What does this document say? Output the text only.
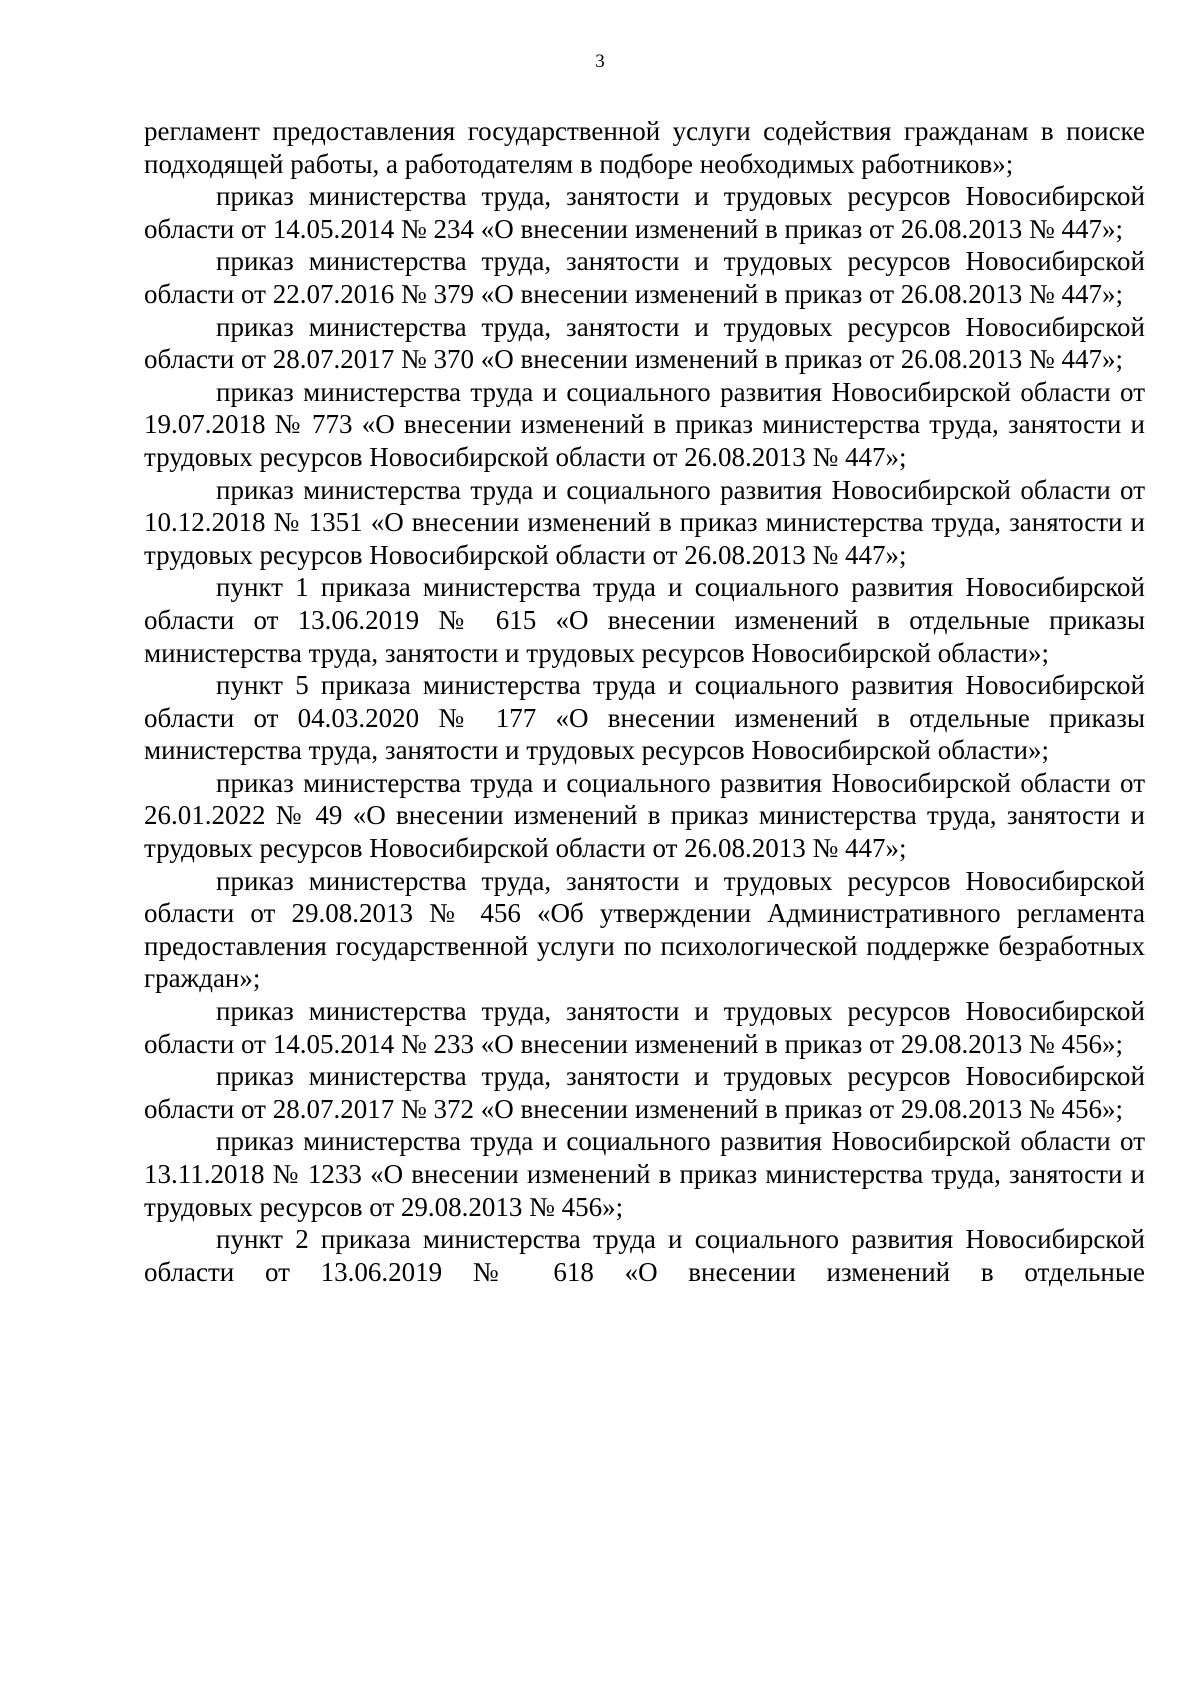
3

регламент предоставления государственной услуги содействия гражданам в поиске подходящей работы, а работодателям в подборе необходимых работников»;

приказ министерства труда, занятости и трудовых ресурсов Новосибирской области от 14.05.2014 № 234 «О внесении изменений в приказ от 26.08.2013 № 447»;

приказ министерства труда, занятости и трудовых ресурсов Новосибирской области от 22.07.2016 № 379 «О внесении изменений в приказ от 26.08.2013 № 447»;

приказ министерства труда, занятости и трудовых ресурсов Новосибирской области от 28.07.2017 № 370 «О внесении изменений в приказ от 26.08.2013 № 447»;

приказ министерства труда и социального развития Новосибирской области от 19.07.2018 № 773 «О внесении изменений в приказ министерства труда, занятости и трудовых ресурсов Новосибирской области от 26.08.2013 № 447»;

приказ министерства труда и социального развития Новосибирской области от 10.12.2018 № 1351 «О внесении изменений в приказ министерства труда, занятости и трудовых ресурсов Новосибирской области от 26.08.2013 № 447»;

пункт 1 приказа министерства труда и социального развития Новосибирской области от 13.06.2019 № 615 «О внесении изменений в отдельные приказы министерства труда, занятости и трудовых ресурсов Новосибирской области»;

пункт 5 приказа министерства труда и социального развития Новосибирской области от 04.03.2020 № 177 «О внесении изменений в отдельные приказы министерства труда, занятости и трудовых ресурсов Новосибирской области»;

приказ министерства труда и социального развития Новосибирской области от 26.01.2022 № 49 «О внесении изменений в приказ министерства труда, занятости и трудовых ресурсов Новосибирской области от 26.08.2013 № 447»;

приказ министерства труда, занятости и трудовых ресурсов Новосибирской области от 29.08.2013 № 456 «Об утверждении Административного регламента предоставления государственной услуги по психологической поддержке безработных граждан»;

приказ министерства труда, занятости и трудовых ресурсов Новосибирской области от 14.05.2014 № 233 «О внесении изменений в приказ от 29.08.2013 № 456»;

приказ министерства труда, занятости и трудовых ресурсов Новосибирской области от 28.07.2017 № 372 «О внесении изменений в приказ от 29.08.2013 № 456»;

приказ министерства труда и социального развития Новосибирской области от 13.11.2018 № 1233 «О внесении изменений в приказ министерства труда, занятости и трудовых ресурсов от 29.08.2013 № 456»;

пункт 2 приказа министерства труда и социального развития Новосибирской области от 13.06.2019 № 618 «О внесении изменений в отдельные
